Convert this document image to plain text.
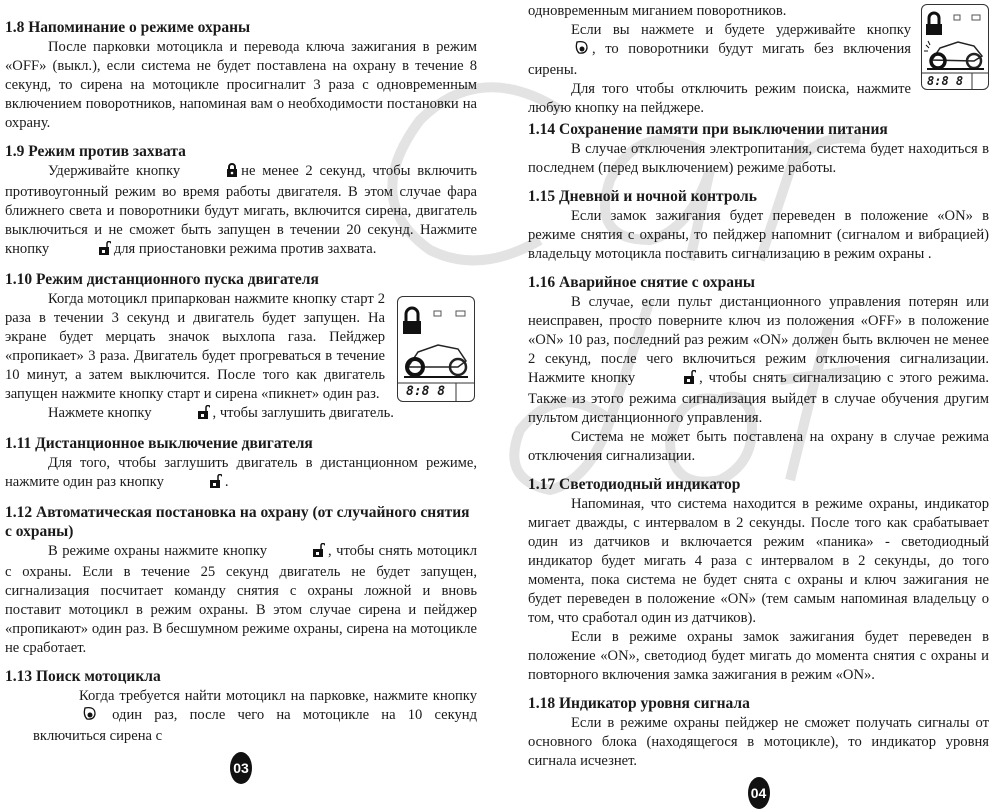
1.8 Напоминание о режиме охраны

После парковки мотоцикла и перевода ключа зажигания в режим «OFF» (выкл.), если система не будет поставлена на охрану в течение 8 секунд, то сирена на мотоцикле просигналит 3 раза с одновременным включением поворотников, напоминая вам о необходимости постановки на охрану.

1.9 Режим против захвата

Удерживайте кнопку	не менее 2 секунд, чтобы включить противоугонный режим во время работы двигателя. В этом случае фара ближнего света и поворотники будут мигать, включится сирена, двигатель выключиться и не сможет быть запущен в течении 20 секунд. Нажмите кнопку	для приостановки режима против захвата.

1.10 Режим дистанционного пуска двигателя
8:8 8

Когда мотоцикл припаркован нажмите кнопку старт 2 раза в течении 3 секунд и двигатель будет запущен. На экране будет мерцать значок выхлопа газа. Пейджер «пропикает» 3 раза. Двигатель будет прогреваться в течение 10 минут, а затем выключится. После того как двигатель запущен нажмите кнопку старт и сирена «пикнет» один раз.

Нажмете кнопку	, чтобы заглушить двигатель.

1.11 Дистанционное выключение двигателя

Для того, чтобы заглушить двигатель в дистанционном режиме, нажмите один раз кнопку	.

1.12 Автоматическая постановка на охрану (от случайного снятия с охраны)

В режиме охраны нажмите кнопку	, чтобы снять мотоцикл с охраны. Если в течение 25 секунд двигатель не будет запущен, сигнализация посчитает команду снятия с охраны ложной и вновь поставит мотоцикл в режим охраны. В этом случае сирена и пейджер «пропикают» один раз. В бесшумном режиме охраны, сирена на мотоцикле не сработает.

1.13 Поиск мотоцикла

Когда требуется найти мотоцикл на парковке, нажмите кнопку один раз, после чего на мотоцикле на 10 секунд включиться сирена с

03
8:8 8

одновременным миганием поворотников.

Если вы нажмете и будете удерживайте кнопку, то поворотники будут мигать без включения сирены.

Для того чтобы отключить режим поиска, нажмите любую кнопку на пейджере.

1.14 Сохранение памяти при выключении питания

В случае отключения электропитания, система будет находиться в последнем (перед выключением) режиме работы.

1.15 Дневной и ночной контроль

Если замок зажигания будет переведен в положение «ON» в режиме снятия с охраны, то пейджер напомнит (сигналом и вибрацией) владельцу мотоцикла поставить сигнализацию в режим охраны .

1.16 Аварийное снятие с охраны

В случае, если пульт дистанционного управления потерян или неисправен, просто поверните ключ из положения «OFF» в положение «ON» 10 раз, последний раз режим «ON» должен быть включен не менее 2 секунд, после чего включиться режим отключения сигнализации. Нажмите кнопку	, чтобы снять сигнализацию с этого режима. Также из этого режима сигнализация выйдет в случае обучения другим пультом дистанционного управления.

Система не может быть поставлена на охрану в случае режима отключения сигнализации.

1.17 Светодиодный индикатор

Напоминая, что система находится в режиме охраны, индикатор мигает дважды, с интервалом в 2 секунды. После того как срабатывает один из датчиков и включается режим «паника» - светодиодный индикатор будет мигать 4 раза с интервалом в 2 секунды, до того момента, пока система не будет снята с охраны и ключ зажигания не будет переведен в положение «ON» (тем самым напоминая владельцу о том, что сработал один из датчиков).

Если в режиме охраны замок зажигания будет переведен в положение «ON», светодиод будет мигать до момента снятия с охраны и повторного включения замка зажигания в режим «ON».

1.18 Индикатор уровня сигнала

Если в режиме охраны пейджер не сможет получать сигналы от основного блока (находящегося в мотоцикле), то индикатор уровня сигнала исчезнет.

04
